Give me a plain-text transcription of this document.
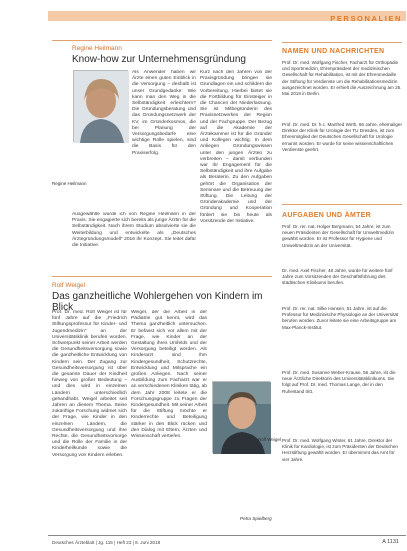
PERSONALIEN
Regine Heilmann
Know-how zur Unternehmensgründung
Regine Heilmann
Als Anwender haben wir Ärzte einen guten Einblick in die Versorgung – deshalb ist unser Grundgedanke: Wie kann man den Weg in die Selbständigkeit erleichtern? Die Gründungsberatung und das Gründungsnetzwerk der KV, im Gründerkosmos, die bei Planung der Versorgungsbedarfe eine wichtige Rolle spielen, sind die Basis für den Praxiserfolg.
Ausgewählte wurde ich von Regine Heilmann in der Praxis. Sie engagierte sich bereits als junge Ärztin für die Selbständigkeit. Nach ihrem Studium absolvierte sie die Weiterbildung und entwickelte als „Deutsches Ärztegründungsmodell“ 2016 ihr Konzept. Sie leitet dafür die Initiative.
Kurz nach den Jahren von der Praxisgründung bringen sie Grundlagen ein und schildern die Vorbereitung. Hierbei bietet sie die Fortbildung für Einsteiger in die Chancen der Niederlassung. Sie ist Mitbegründerin des Praxisnetzwerkes der Region und der Fachgruppe. Der Bezug auf die Akademie der Ärztekammer ist für die Gründer und Kollegen wichtig. In dem Anliegen Gründungswissen unter den jungen Ärzten zu verbreiten – damit verbunden war ihr Engagement für die Selbständigkeit und ihre Aufgabe als Beraterin. Zu den Aufgaben gehört die Organisation der Seminare und die Betreuung der Stiftung. Die Leitung der Gründerakademie und der Gründung und Kooperation fördert sie bis heute als Vorsitzende der Initiative.
Rolf Weigel
Das ganzheitliche Wohlergehen von Kindern im Blick
Prof. Dr. med. Rolf Weigel ist für fünf Jahre auf die „Friedrich Stiftungsprofessur für Kinder- und Jugendmedizin“ an der Universitätsklinik berufen worden. Schwerpunkt seiner Arbeit werden die Gesundheitsversorgung sowie die ganzheitliche Entwicklung von Kindern sein. Der Zugang zur Gesundheitsversorgung ist über die gesamte Dauer der Kindheit hinweg von großer Bedeutung – und dies wird in einzelnen Ländern unterschiedlich gehandhabt. Weigel arbeitet seit Jahren an diesem Thema. Seine zukünftige Forschung widmet sich der Frage, wie Kinder in den einzelnen Ländern, die Gesundheitsversorgung und ihre Rechte, die Gesundheitsvorsorge und die Rolle der Familie in der Kinderheilkunde sowie die Versorgung von Kindern erleben.
Weigel, der die Arbeit in der Pädiatrie gut kennt, wird das Thema ganzheitlich untersuchen. Er befasst sich vor allem mit der Frage, wie Kinder an der Gestaltung ihres Umfelds und der Versorgung beteiligt werden. Als Kinderarzt sind ihm Kindergesundheit, Schutzrechte, Entwicklung und Mitsprache ein großes Anliegen. Nach seiner Ausbildung zum Facharzt war er an verschiedenen Kliniken tätig, ab dem Jahr 2008 leitete er die Forschungsgruppe zu Fragen der Kindergesundheit. Mit seiner Arbeit für die Stiftung möchte er Kinderrechte und Beteiligung stärker in den Blick rücken und den Dialog mit Eltern, Ärzten und Wissenschaft vertiefen.
Rolf Weigel
Petra Spielberg
NAMEN UND NACHRICHTEN
Prof. Dr. med. Wolfgang Fischer, Facharzt für Orthopädie und Sportmedizin, Ehrenpräsident der medizinischen Gesellschaft für Rehabilitation, ist mit der Ehrenmedaille der Stiftung für Verdienste um die Rehabilitationsmedizin ausgezeichnet worden. Er erhielt die Auszeichnung am 25. Mai 2018 in Berlin.
Prof. Dr. med. Dr. h.c. Manfred Wirth, 66 Jahre, ehemaliger Direktor der Klinik für Urologie der TU Dresden, ist zum Ehrenmitglied der Deutschen Gesellschaft für Urologie ernannt worden. Er wurde für seine wissenschaftlichen Verdienste geehrt.
AUFGABEN UND ÄMTER
Prof. Dr. rer. nat. Holger Bergmann, 54 Jahre, ist zum neuen Präsidenten der Gesellschaft für Umweltmedizin gewählt worden. Er ist Professor für Hygiene und Umweltmedizin an der Universität.
Dr. med. Axel Fischer, 48 Jahre, wurde für weitere fünf Jahre zum Vorsitzenden der Geschäftsführung des städtischen Klinikums berufen.
Prof. Dr. rer. nat. Silke Hansen, 51 Jahre, ist auf die Professur für Medizinische Physiologie an der Universität berufen worden. Zuvor leitete sie eine Arbeitsgruppe am Max-Planck-Institut.
Prof. Dr. med. Susanne Weber-Krause, 56 Jahre, ist die neue Ärztliche Direktorin des Universitätsklinikums. Sie folgt auf Prof. Dr. med. Thomas Lange, der in den Ruhestand tritt.
Prof. Dr. med. Wolfgang Winter, 61 Jahre, Direktor der Klinik für Kardiologie, ist zum Präsidenten der Deutschen Herzstiftung gewählt worden. Er übernimmt das Amt für vier Jahre.
Deutsches Ärzteblatt | Jg. 115 | Heft 23 | 8. Juni 2018	A 1131
